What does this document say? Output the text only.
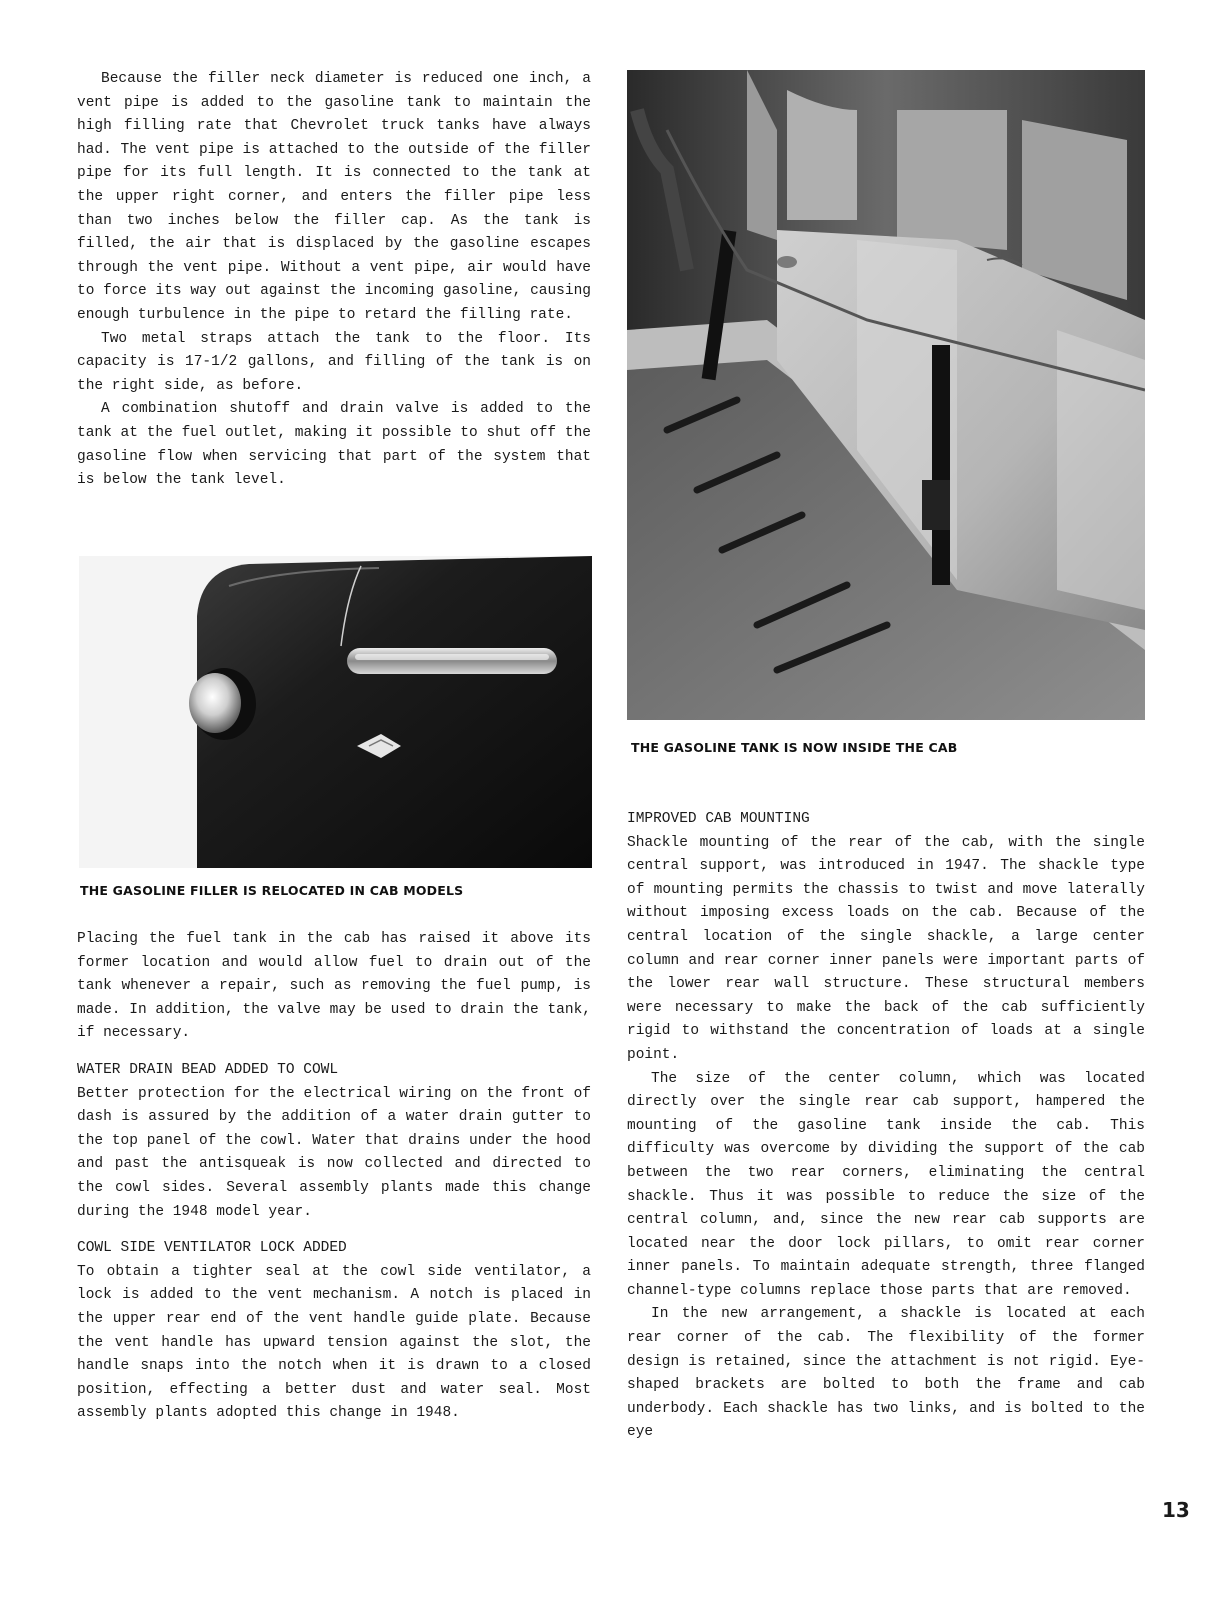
Because the filler neck diameter is reduced one inch, a vent pipe is added to the gasoline tank to maintain the high filling rate that Chevrolet truck tanks have always had. The vent pipe is attached to the outside of the filler pipe for its full length. It is connected to the tank at the upper right corner, and enters the filler pipe less than two inches below the filler cap. As the tank is filled, the air that is displaced by the gasoline escapes through the vent pipe. Without a vent pipe, air would have to force its way out against the incoming gasoline, causing enough turbulence in the pipe to retard the filling rate.

Two metal straps attach the tank to the floor. Its capacity is 17-1/2 gallons, and filling of the tank is on the right side, as before.

A combination shutoff and drain valve is added to the tank at the fuel outlet, making it possible to shut off the gasoline flow when servicing that part of the system that is below the tank level.

THE GASOLINE FILLER IS RELOCATED IN CAB MODELS
THE GASOLINE TANK IS NOW INSIDE THE CAB

Placing the fuel tank in the cab has raised it above its former location and would allow fuel to drain out of the tank whenever a repair, such as removing the fuel pump, is made. In addition, the valve may be used to drain the tank, if necessary.

WATER DRAIN BEAD ADDED TO COWL

Better protection for the electrical wiring on the front of dash is assured by the addition of a water drain gutter to the top panel of the cowl. Water that drains under the hood and past the antisqueak is now collected and directed to the cowl sides. Several assembly plants made this change during the 1948 model year.

COWL SIDE VENTILATOR LOCK ADDED

To obtain a tighter seal at the cowl side ventilator, a lock is added to the vent mechanism. A notch is placed in the upper rear end of the vent handle guide plate. Because the vent handle has upward tension against the slot, the handle snaps into the notch when it is drawn to a closed position, effecting a better dust and water seal. Most assembly plants adopted this change in 1948.

IMPROVED CAB MOUNTING

Shackle mounting of the rear of the cab, with the single central support, was introduced in 1947. The shackle type of mounting permits the chassis to twist and move laterally without imposing excess loads on the cab. Because of the central location of the single shackle, a large center column and rear corner inner panels were important parts of the lower rear wall structure. These structural members were necessary to make the back of the cab sufficiently rigid to withstand the concentration of loads at a single point.

The size of the center column, which was located directly over the single rear cab support, hampered the mounting of the gasoline tank inside the cab. This difficulty was overcome by dividing the support of the cab between the two rear corners, eliminating the central shackle. Thus it was possible to reduce the size of the central column, and, since the new rear cab supports are located near the door lock pillars, to omit rear corner inner panels. To maintain adequate strength, three flanged channel-type columns replace those parts that are removed.

In the new arrangement, a shackle is located at each rear corner of the cab. The flexibility of the former design is retained, since the attachment is not rigid. Eye-shaped brackets are bolted to both the frame and cab underbody. Each shackle has two links, and is bolted to the eye

13
